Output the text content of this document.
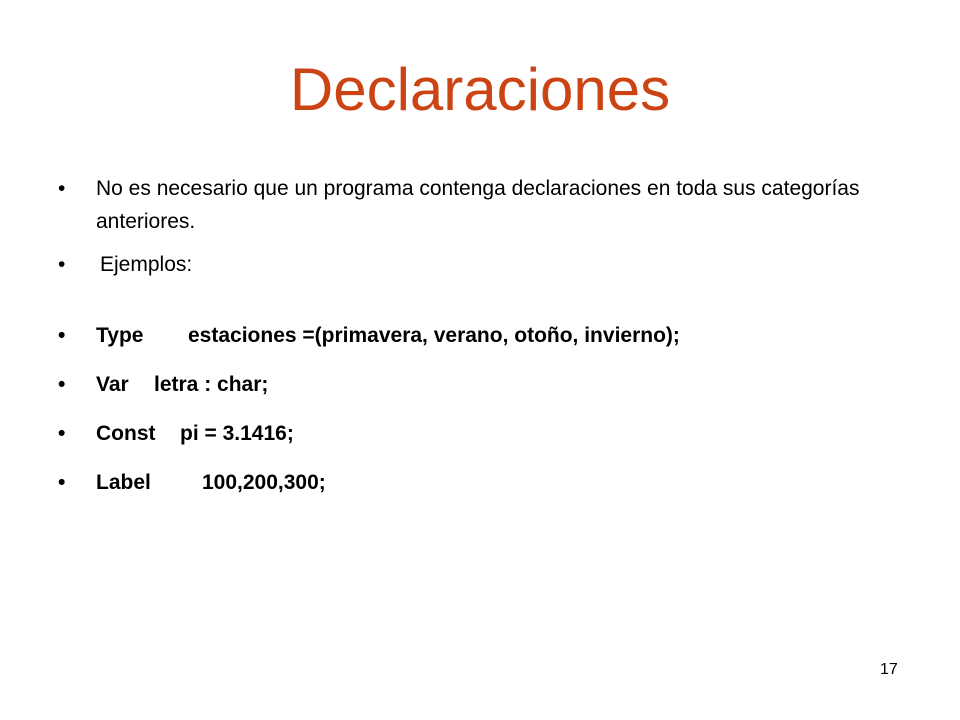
Declaraciones
• No es necesario que un programa contenga declaraciones en toda sus categorías anteriores.
• Ejemplos:
• Type estaciones =(primavera, verano, otoño, invierno);
• Var letra : char;
• Const pi = 3.1416;
• Label 100,200,300;
17
